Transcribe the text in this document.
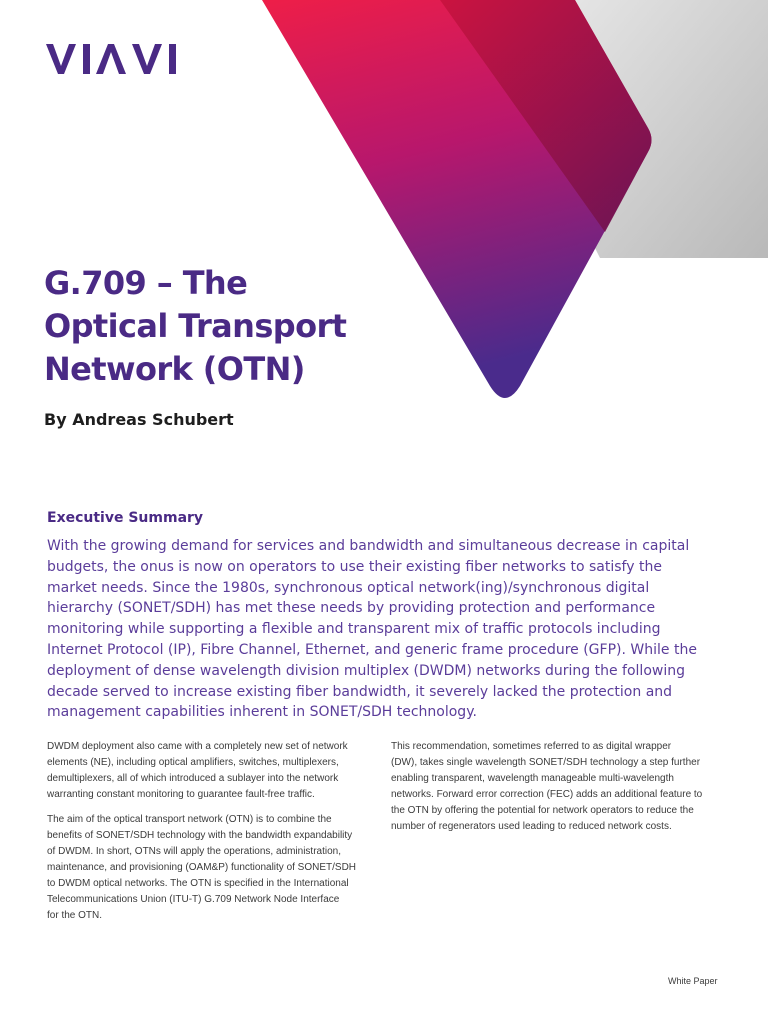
G.709 – The
Optical Transport
Network (OTN)

By Andreas Schubert

Executive Summary
With the growing demand for services and bandwidth and simultaneous decrease in capital
budgets, the onus is now on operators to use their existing fiber networks to satisfy the
market needs. Since the 1980s, synchronous optical network(ing)/synchronous digital
hierarchy (SONET/SDH) has met these needs by providing protection and performance
monitoring while supporting a flexible and transparent mix of traffic protocols including
Internet Protocol (IP), Fibre Channel, Ethernet, and generic frame procedure (GFP). While the
deployment of dense wavelength division multiplex (DWDM) networks during the following
decade served to increase existing fiber bandwidth, it severely lacked the protection and
management capabilities inherent in SONET/SDH technology.

DWDM deployment also came with a completely new set of network
elements (NE), including optical amplifiers, switches, multiplexers,
demultiplexers, all of which introduced a sublayer into the network
warranting constant monitoring to guarantee fault-free traffic.

The aim of the optical transport network (OTN) is to combine the
benefits of SONET/SDH technology with the bandwidth expandability
of DWDM. In short, OTNs will apply the operations, administration,
maintenance, and provisioning (OAM&P) functionality of SONET/SDH
to DWDM optical networks. The OTN is specified in the International
Telecommunications Union (ITU-T) G.709 Network Node Interface
for the OTN.

This recommendation, sometimes referred to as digital wrapper
(DW), takes single wavelength SONET/SDH technology a step further
enabling transparent, wavelength manageable multi-wavelength
networks. Forward error correction (FEC) adds an additional feature to
the OTN by offering the potential for network operators to reduce the
number of regenerators used leading to reduced network costs.

White Paper
